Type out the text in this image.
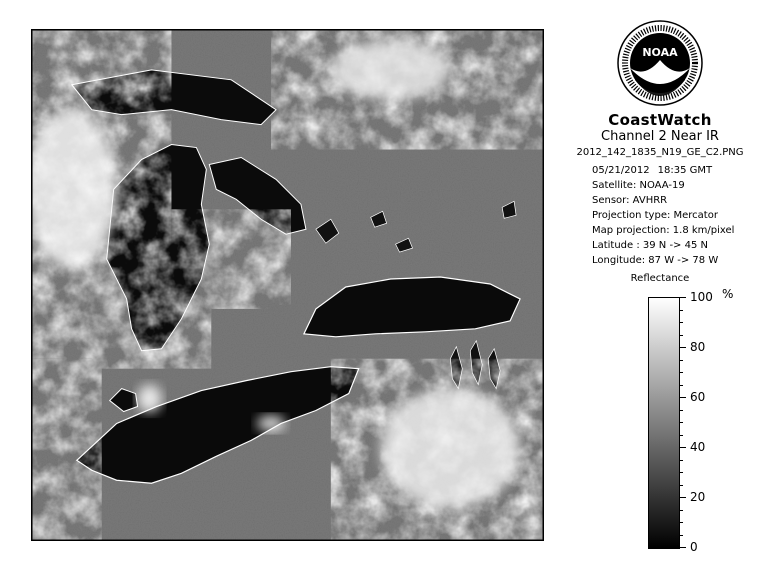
NOAA
CoastWatch
Channel 2 Near IR
2012_142_1835_N19_GE_C2.PNG
05/21/2012 18:35 GMT
Satellite: NOAA-19
Sensor: AVHRR
Projection type: Mercator
Map projection: 1.8 km/pixel
Latitude : 39 N -> 45 N
Longitude: 87 W -> 78 W
Reflectance
0
20
40
60
80
100 %
